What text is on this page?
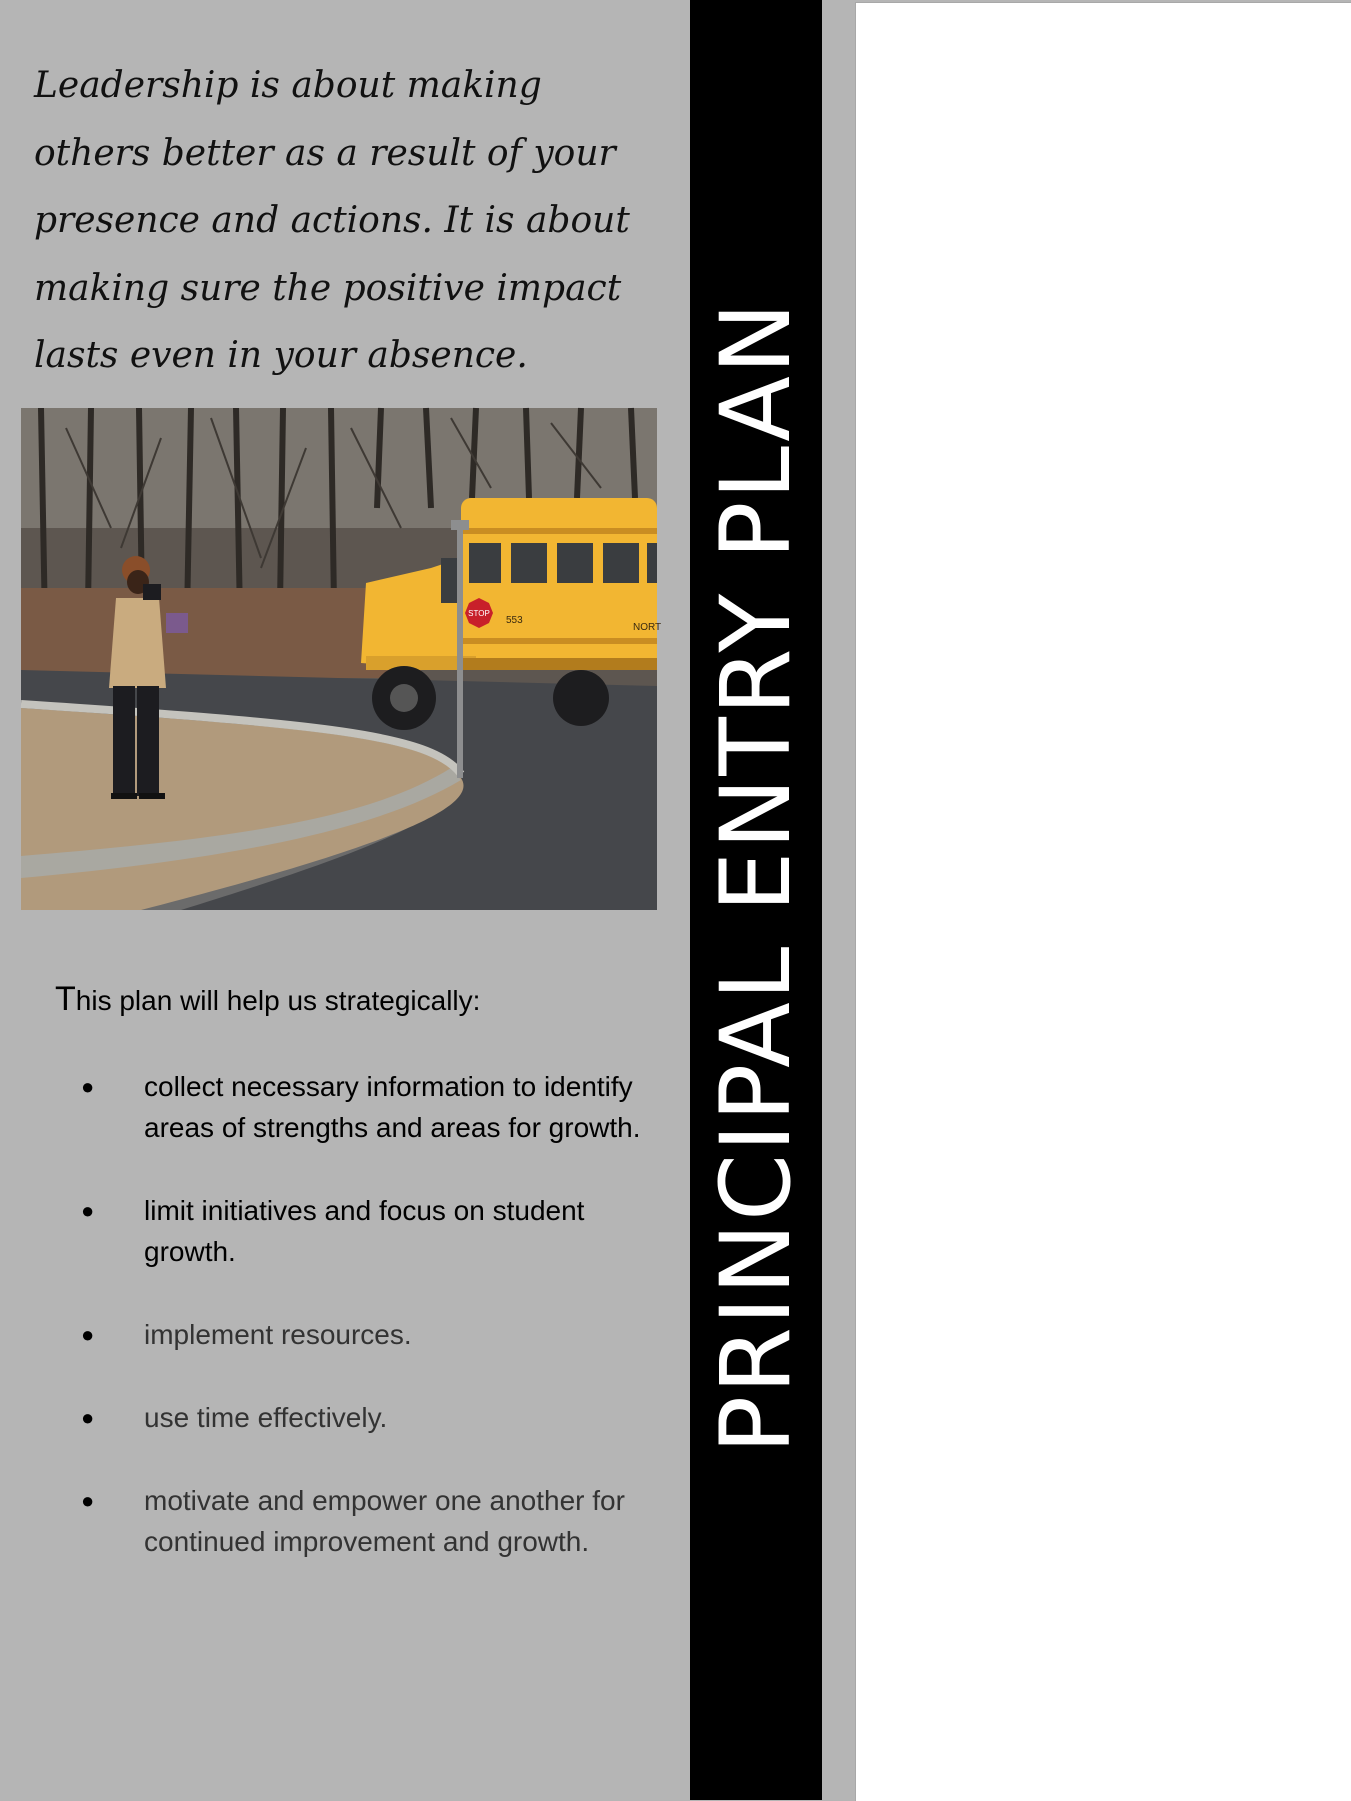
Leadership is about making others better as a result of your presence and actions. It is about making sure the positive impact lasts even in your absence.

STOP
553
NORT

This plan will help us strategically:

● collect necessary information to identify areas of strengths and areas for growth.
● limit initiatives and focus on student growth.
● implement resources.
● use time effectively.
● motivate and empower one another for continued improvement and growth.
PRINCIPAL ENTRY PLAN
